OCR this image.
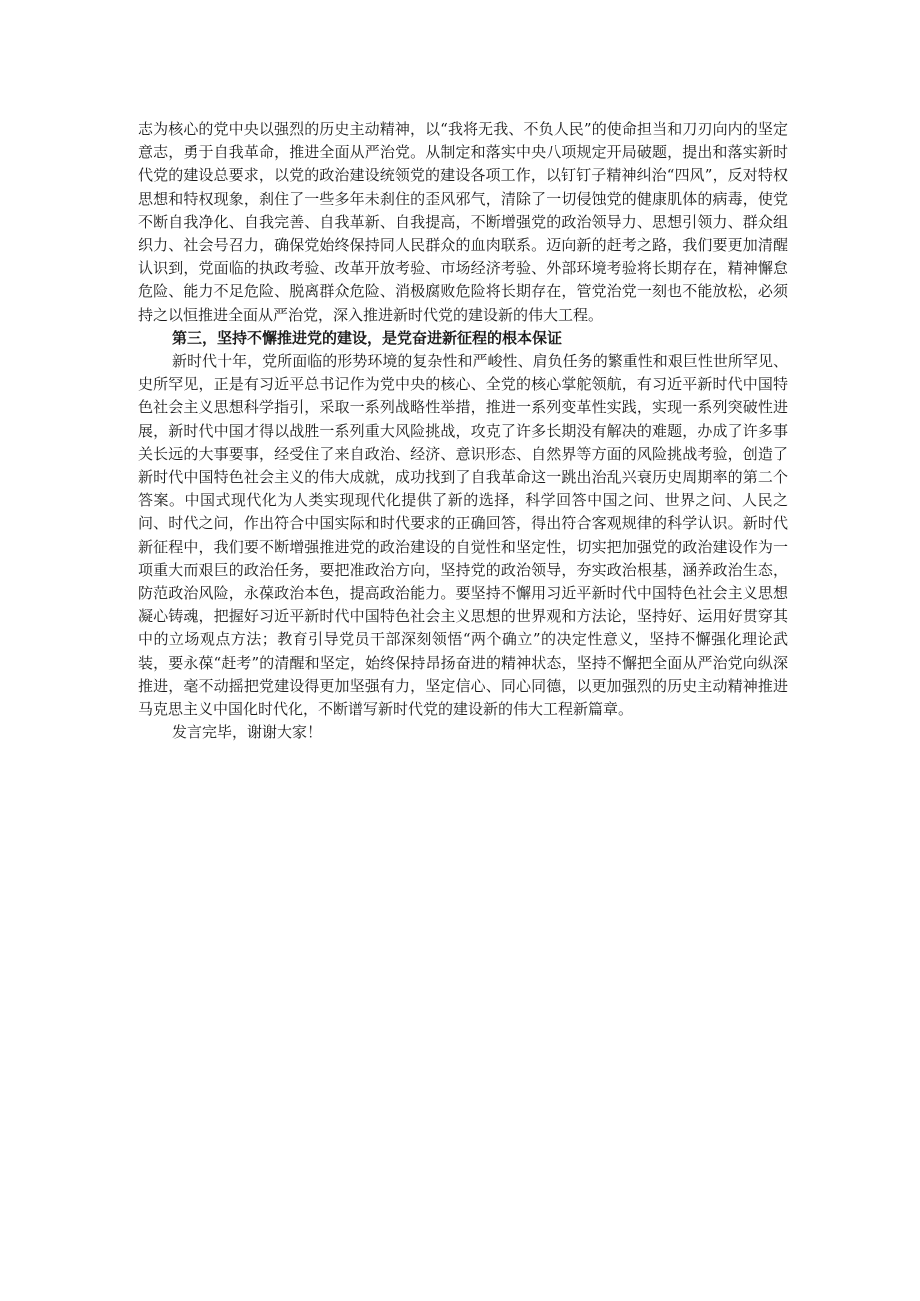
志为核心的党中央以强烈的历史主动精神，以“我将无我、不负人民”的使命担当和刀刃向内的坚定意志，勇于自我革命，推进全面从严治党。从制定和落实中央八项规定开局破题，提出和落实新时代党的建设总要求，以党的政治建设统领党的建设各项工作，以钉钉子精神纠治“四风”，反对特权思想和特权现象，刹住了一些多年未刹住的歪风邪气，清除了一切侵蚀党的健康肌体的病毒，使党不断自我净化、自我完善、自我革新、自我提高，不断增强党的政治领导力、思想引领力、群众组织力、社会号召力，确保党始终保持同人民群众的血肉联系。迈向新的赶考之路，我们要更加清醒认识到，党面临的执政考验、改革开放考验、市场经济考验、外部环境考验将长期存在，精神懈怠危险、能力不足危险、脱离群众危险、消极腐败危险将长期存在，管党治党一刻也不能放松，必须持之以恒推进全面从严治党，深入推进新时代党的建设新的伟大工程。

第三，坚持不懈推进党的建设，是党奋进新征程的根本保证

新时代十年，党所面临的形势环境的复杂性和严峻性、肩负任务的繁重性和艰巨性世所罕见、史所罕见，正是有习近平总书记作为党中央的核心、全党的核心掌舵领航，有习近平新时代中国特色社会主义思想科学指引，采取一系列战略性举措，推进一系列变革性实践，实现一系列突破性进展，新时代中国才得以战胜一系列重大风险挑战，攻克了许多长期没有解决的难题，办成了许多事关长远的大事要事，经受住了来自政治、经济、意识形态、自然界等方面的风险挑战考验，创造了新时代中国特色社会主义的伟大成就，成功找到了自我革命这一跳出治乱兴衰历史周期率的第二个答案。中国式现代化为人类实现现代化提供了新的选择，科学回答中国之问、世界之问、人民之问、时代之问，作出符合中国实际和时代要求的正确回答，得出符合客观规律的科学认识。新时代新征程中，我们要不断增强推进党的政治建设的自觉性和坚定性，切实把加强党的政治建设作为一项重大而艰巨的政治任务，要把准政治方向，坚持党的政治领导，夯实政治根基，涵养政治生态，防范政治风险，永葆政治本色，提高政治能力。要坚持不懈用习近平新时代中国特色社会主义思想凝心铸魂，把握好习近平新时代中国特色社会主义思想的世界观和方法论，坚持好、运用好贯穿其中的立场观点方法；教育引导党员干部深刻领悟“两个确立”的决定性意义，坚持不懈强化理论武装，要永葆“赶考”的清醒和坚定，始终保持昂扬奋进的精神状态，坚持不懈把全面从严治党向纵深推进，毫不动摇把党建设得更加坚强有力，坚定信心、同心同德，以更加强烈的历史主动精神推进马克思主义中国化时代化，不断谱写新时代党的建设新的伟大工程新篇章。

发言完毕，谢谢大家！
